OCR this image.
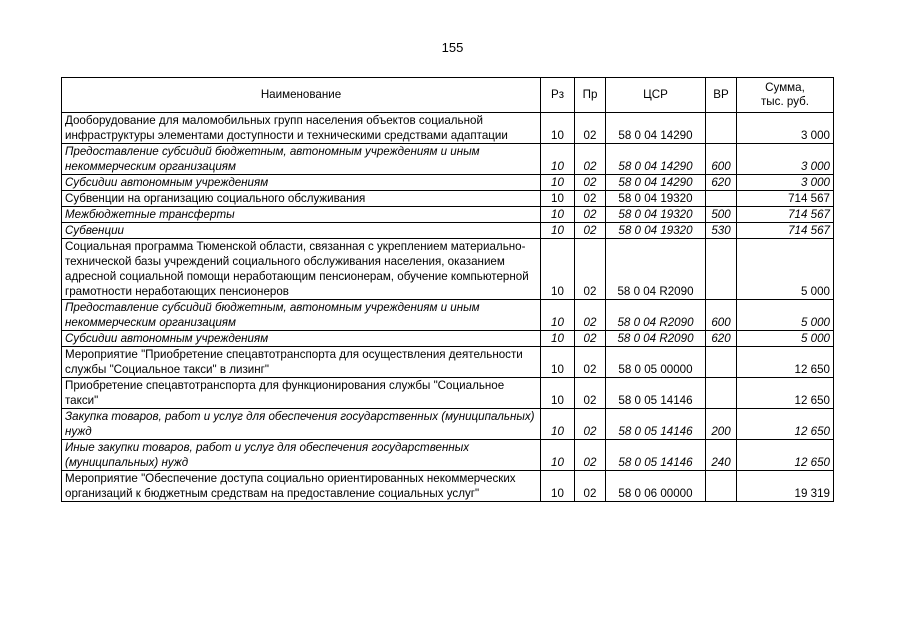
155
Наименование	Рз	Пр	ЦСР	ВР	Сумма,
тыс. руб.
Дооборудование для маломобильных групп населения объектов социальной инфраструктуры элементами доступности и техническими средствами адаптации	10	02	58 0 04 14290		3 000
Предоставление субсидий бюджетным, автономным учреждениям и иным некоммерческим организациям	10	02	58 0 04 14290	600	3 000
Субсидии автономным учреждениям	10	02	58 0 04 14290	620	3 000
Субвенции на организацию социального обслуживания	10	02	58 0 04 19320		714 567
Межбюджетные трансферты	10	02	58 0 04 19320	500	714 567
Субвенции	10	02	58 0 04 19320	530	714 567
Социальная программа Тюменской области, связанная с укреплением материально-технической базы учреждений социального обслуживания населения, оказанием адресной социальной помощи неработающим пенсионерам, обучение компьютерной грамотности неработающих пенсионеров	10	02	58 0 04 R2090		5 000
Предоставление субсидий бюджетным, автономным учреждениям и иным некоммерческим организациям	10	02	58 0 04 R2090	600	5 000
Субсидии автономным учреждениям	10	02	58 0 04 R2090	620	5 000
Мероприятие "Приобретение спецавтотранспорта для осуществления деятельности службы "Социальное такси" в лизинг"	10	02	58 0 05 00000		12 650
Приобретение спецавтотранспорта для функционирования службы "Социальное такси"	10	02	58 0 05 14146		12 650
Закупка товаров, работ и услуг для обеспечения государственных (муниципальных) нужд	10	02	58 0 05 14146	200	12 650
Иные закупки товаров, работ и услуг для обеспечения государственных (муниципальных) нужд	10	02	58 0 05 14146	240	12 650
Мероприятие "Обеспечение доступа социально ориентированных некоммерческих организаций к бюджетным средствам на предоставление социальных услуг"	10	02	58 0 06 00000		19 319
